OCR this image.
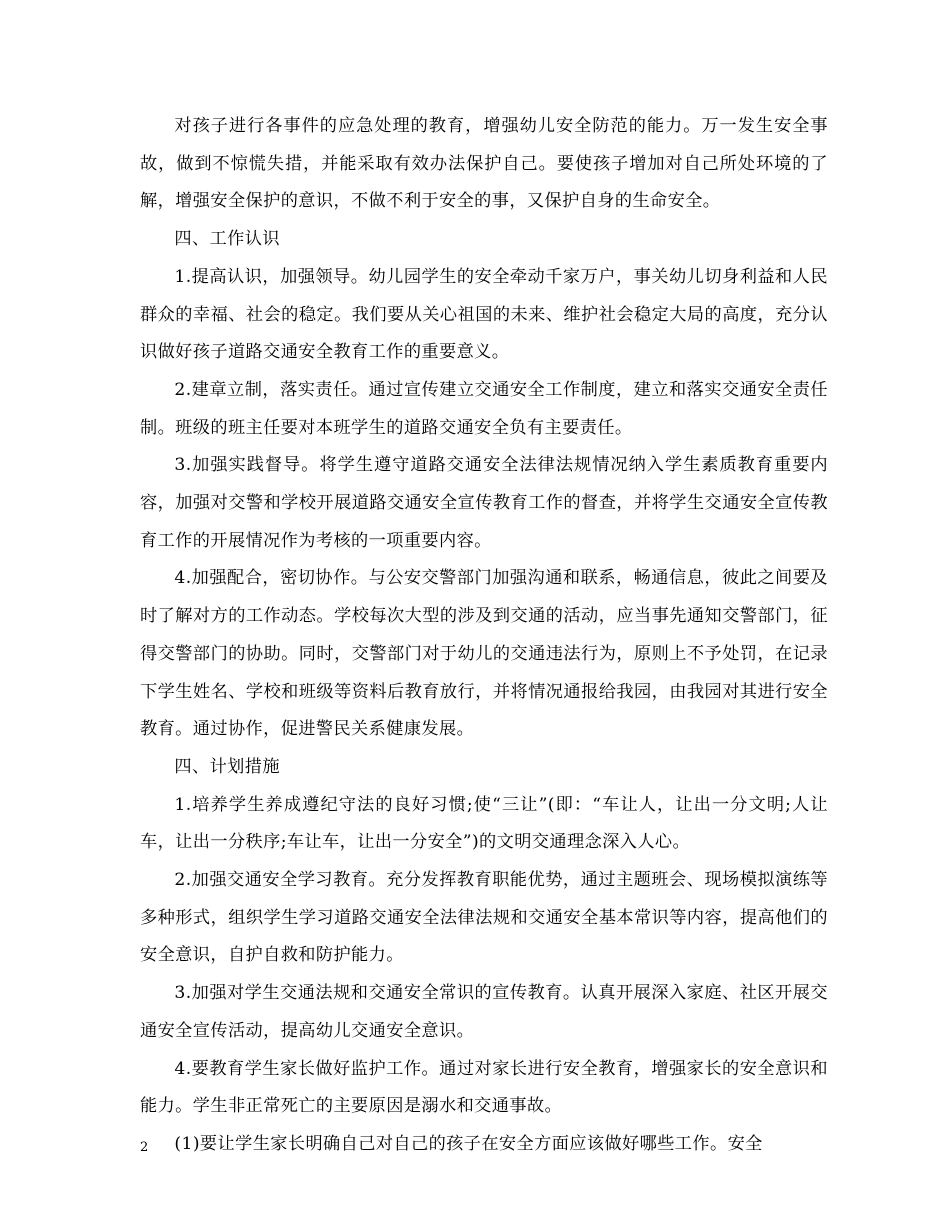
对孩子进行各事件的应急处理的教育，增强幼儿安全防范的能力。万一发生安全事故，做到不惊慌失措，并能采取有效办法保护自己。要使孩子增加对自己所处环境的了解，增强安全保护的意识，不做不利于安全的事，又保护自身的生命安全。

四、工作认识

1.提高认识，加强领导。幼儿园学生的安全牵动千家万户，事关幼儿切身利益和人民群众的幸福、社会的稳定。我们要从关心祖国的未来、维护社会稳定大局的高度，充分认识做好孩子道路交通安全教育工作的重要意义。

2.建章立制，落实责任。通过宣传建立交通安全工作制度，建立和落实交通安全责任制。班级的班主任要对本班学生的道路交通安全负有主要责任。

3.加强实践督导。将学生遵守道路交通安全法律法规情况纳入学生素质教育重要内容，加强对交警和学校开展道路交通安全宣传教育工作的督查，并将学生交通安全宣传教育工作的开展情况作为考核的一项重要内容。

4.加强配合，密切协作。与公安交警部门加强沟通和联系，畅通信息，彼此之间要及时了解对方的工作动态。学校每次大型的涉及到交通的活动，应当事先通知交警部门，征得交警部门的协助。同时，交警部门对于幼儿的交通违法行为，原则上不予处罚，在记录下学生姓名、学校和班级等资料后教育放行，并将情况通报给我园，由我园对其进行安全教育。通过协作，促进警民关系健康发展。

四、计划措施

1.培养学生养成遵纪守法的良好习惯;使“三让”(即：“车让人，让出一分文明;人让车，让出一分秩序;车让车，让出一分安全”)的文明交通理念深入人心。

2.加强交通安全学习教育。充分发挥教育职能优势，通过主题班会、现场模拟演练等多种形式，组织学生学习道路交通安全法律法规和交通安全基本常识等内容，提高他们的安全意识，自护自救和防护能力。

3.加强对学生交通法规和交通安全常识的宣传教育。认真开展深入家庭、社区开展交通安全宣传活动，提高幼儿交通安全意识。

4.要教育学生家长做好监护工作。通过对家长进行安全教育，增强家长的安全意识和能力。学生非正常死亡的主要原因是溺水和交通事故。

(1)要让学生家长明确自己对自己的孩子在安全方面应该做好哪些工作。安全

2
